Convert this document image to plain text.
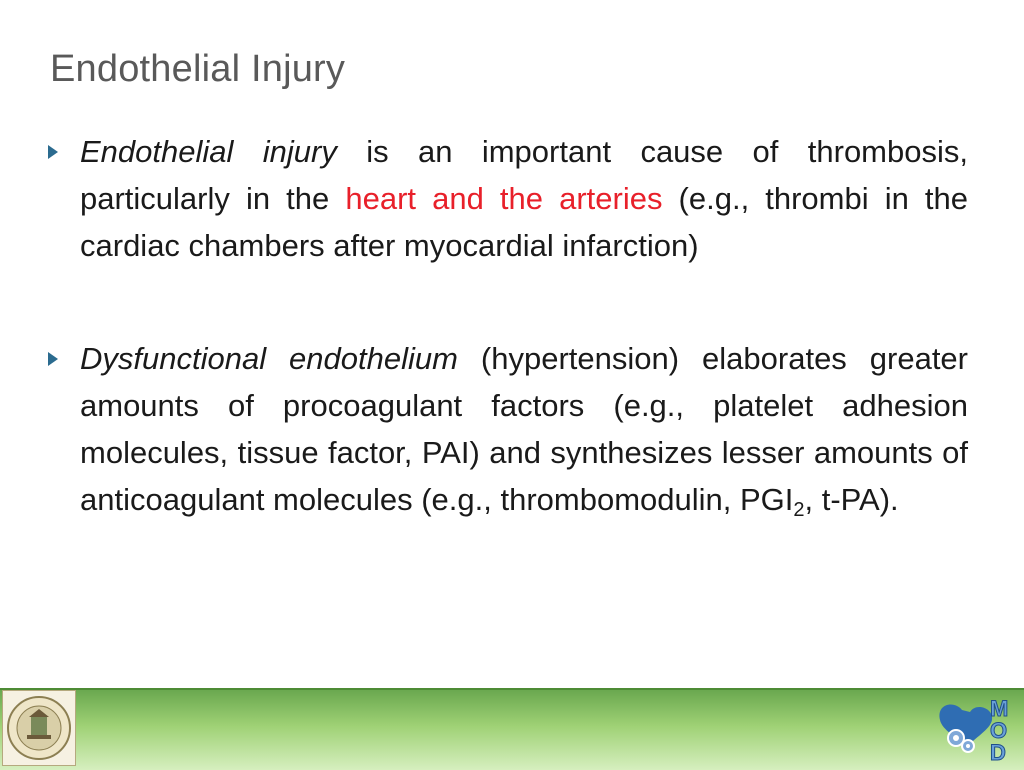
Endothelial Injury
Endothelial injury is an important cause of thrombosis, particularly in the heart and the arteries (e.g., thrombi in the cardiac chambers after myocardial infarction)
Dysfunctional endothelium (hypertension) elaborates greater amounts of procoagulant factors (e.g., platelet adhesion molecules, tissue factor, PAI) and synthesizes lesser amounts of anticoagulant molecules (e.g., thrombomodulin, $PGI_2$, t-PA).
M
O
D
